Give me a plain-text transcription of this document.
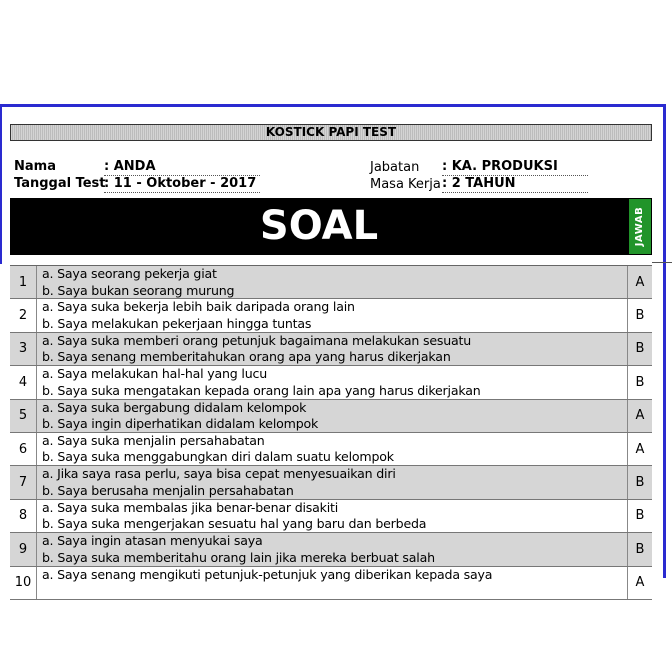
KOSTICK PAPI TEST
Nama	: ANDA
Tanggal Test
: 11 - Oktober - 2017
Jabatan : KA. PRODUKSI
Masa Kerja : 2 TAHUN
SOAL	JAWAB
1
a. Saya seorang pekerja giat
b. Saya bukan seorang murung
A
2
a. Saya suka bekerja lebih baik daripada orang lain
b. Saya melakukan pekerjaan hingga tuntas
B
3
a. Saya suka memberi orang petunjuk bagaimana melakukan sesuatu
b. Saya senang memberitahukan orang apa yang harus dikerjakan
B
4
a. Saya melakukan hal-hal yang lucu
b. Saya suka mengatakan kepada orang lain apa yang harus dikerjakan
B
5
a. Saya suka bergabung didalam kelompok
b. Saya ingin diperhatikan didalam kelompok
A
6
a. Saya suka menjalin persahabatan
b. Saya suka menggabungkan diri dalam suatu kelompok
A
7
a. Jika saya rasa perlu, saya bisa cepat menyesuaikan diri
b. Saya berusaha menjalin persahabatan
B
8
a. Saya suka membalas jika benar-benar disakiti
b. Saya suka mengerjakan sesuatu hal yang baru dan berbeda
B
9
a. Saya ingin atasan menyukai saya
b. Saya suka memberitahu orang lain jika mereka berbuat salah
B
10
a. Saya senang mengikuti petunjuk-petunjuk yang diberikan kepada saya
A
